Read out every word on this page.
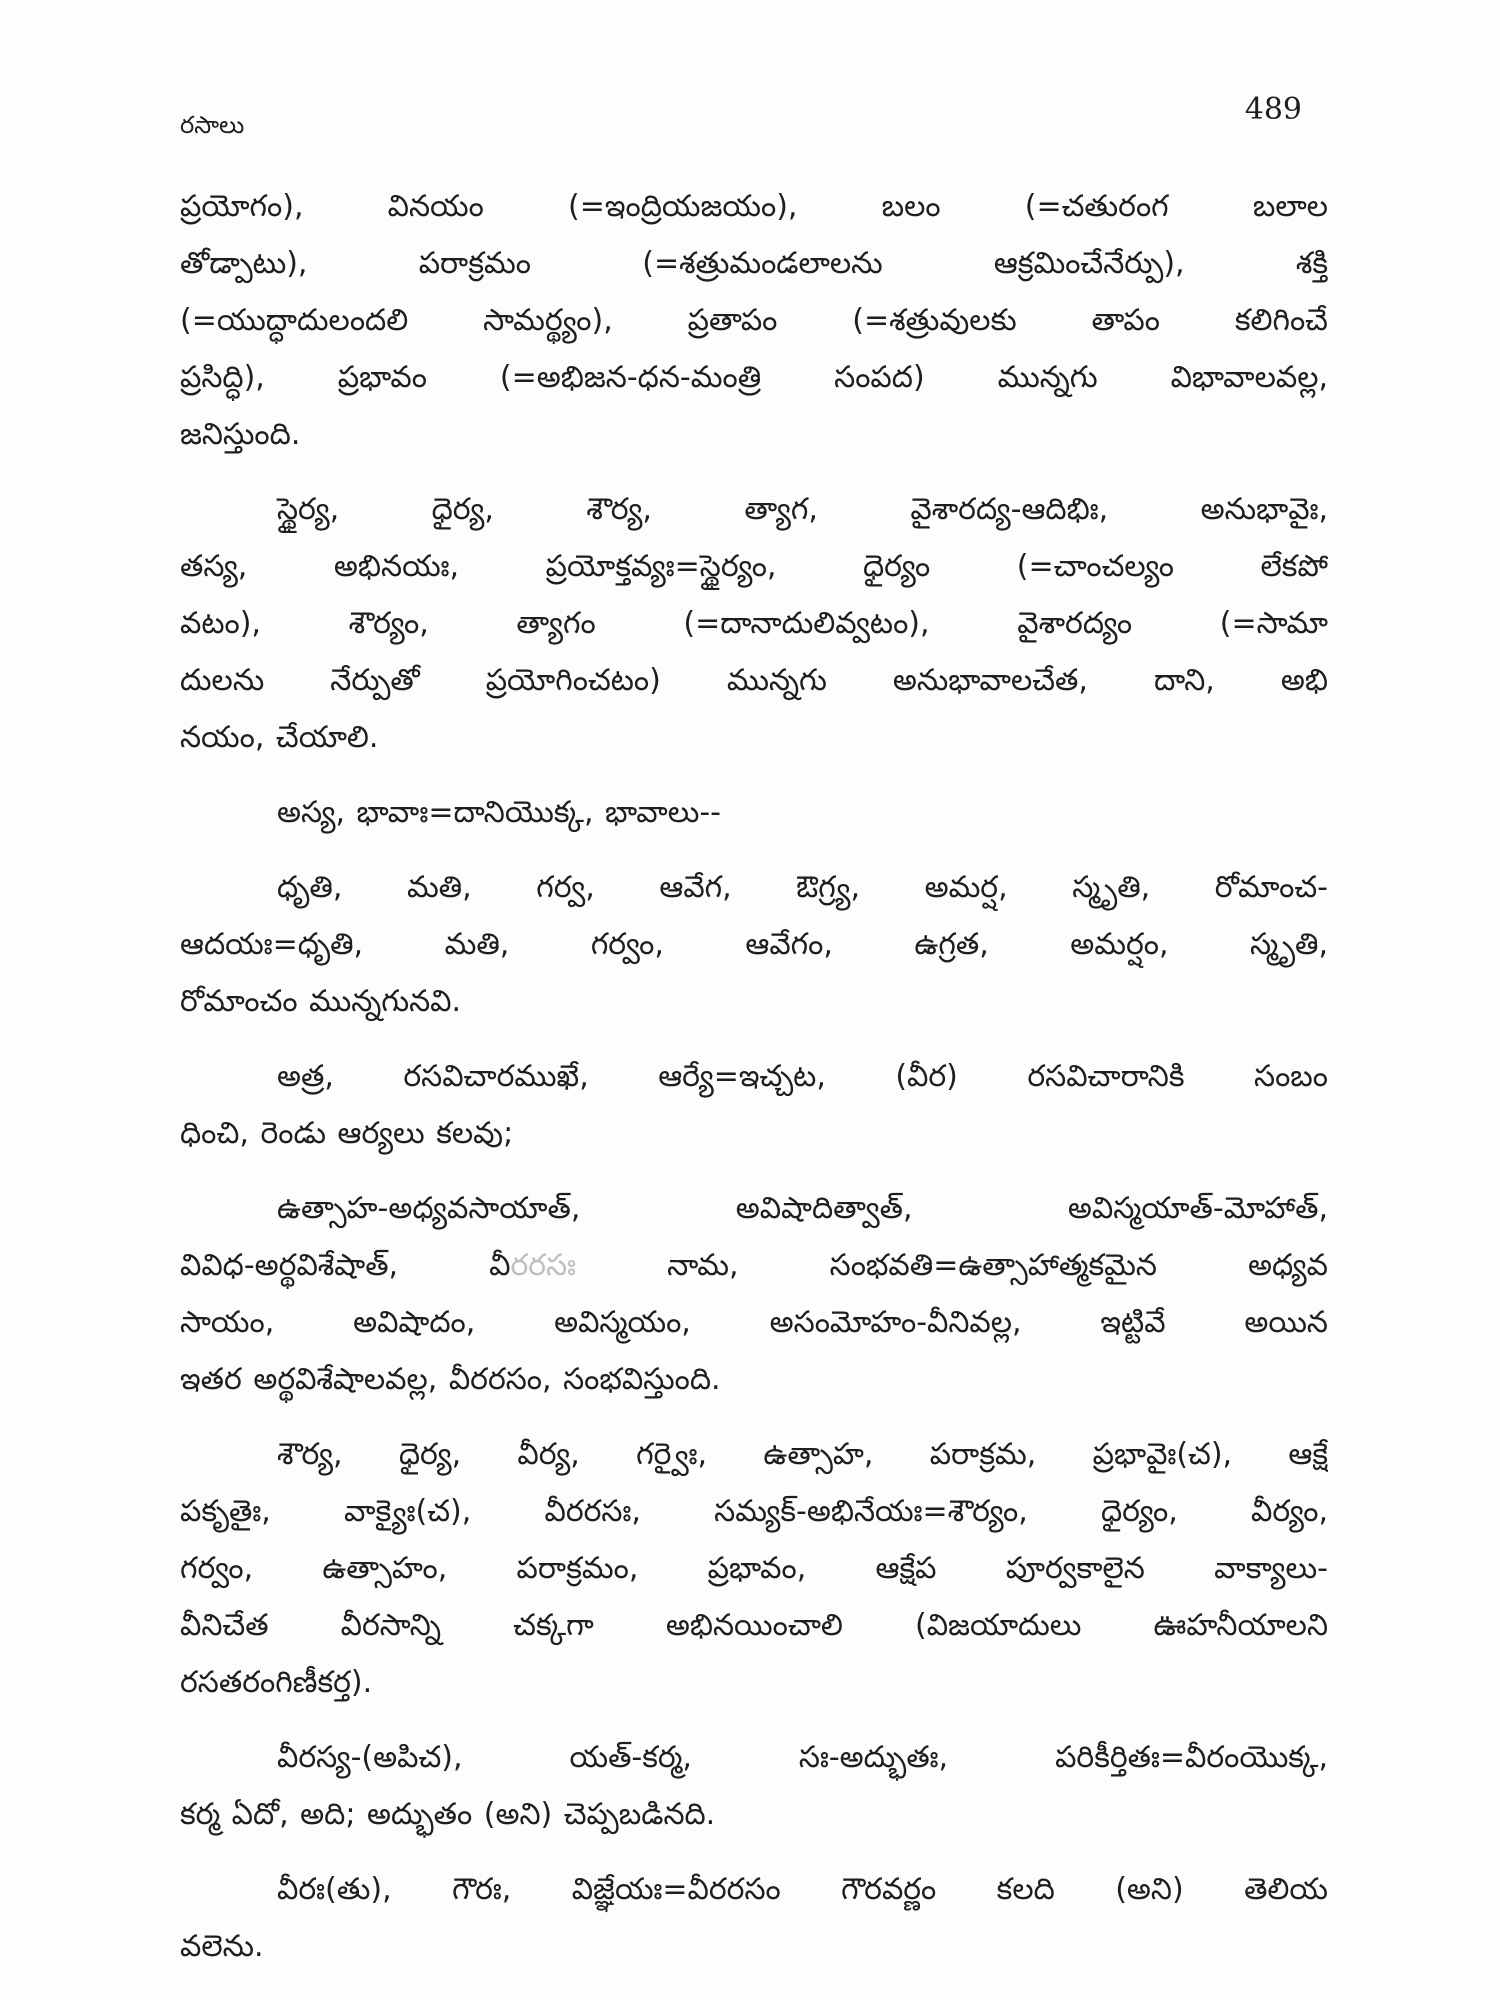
రసాలు	489
ప్రయోగం), వినయం (=ఇంద్రియజయం), బలం (=చతురంగ బలాల
తోడ్పాటు), పరాక్రమం (=శత్రుమండలాలను ఆక్రమించేనేర్పు), శక్తి
(=యుద్ధాదులందలి సామర్థ్యం), ప్రతాపం (=శత్రువులకు తాపం కలిగించే
ప్రసిద్ధి), ప్రభావం (=అభిజన-ధన-మంత్రి సంపద) మున్నగు విభావాలవల్ల,
జనిస్తుంది.
స్థైర్య, ధైర్య, శౌర్య, త్యాగ, వైశారద్య-ఆదిభిః, అనుభావైః,
తస్య, అభినయః, ప్రయోక్తవ్యః=స్థైర్యం, ధైర్యం (=చాంచల్యం లేకపో
వటం), శౌర్యం, త్యాగం (=దానాదులివ్వటం), వైశారద్యం (=సామా
దులను నేర్పుతో ప్రయోగించటం) మున్నగు అనుభావాలచేత, దాని, అభి
నయం, చేయాలి.
అస్య, భావాః=దానియొక్క, భావాలు--
ధృతి, మతి, గర్వ, ఆవేగ, ఔగ్ర్య, అమర్ష, స్మృతి, రోమాంచ-
ఆదయః=ధృతి, మతి, గర్వం, ఆవేగం, ఉగ్రత, అమర్షం, స్మృతి,
రోమాంచం మున్నగునవి.
అత్ర, రసవిచారముఖే, ఆర్యే=ఇచ్చట, (వీర) రసవిచారానికి సంబం
ధించి, రెండు ఆర్యలు కలవు;
ఉత్సాహ-అధ్యవసాయాత్, అవిషాదిత్వాత్, అవిస్మయాత్-మోహాత్,
వివిధ-అర్థవిశేషాత్, వీరరసః నామ, సంభవతి=ఉత్సాహాత్మకమైన అధ్యవ
సాయం, అవిషాదం, అవిస్మయం, అసంమోహం-వీనివల్ల, ఇట్టివే అయిన
ఇతర అర్థవిశేషాలవల్ల, వీరరసం, సంభవిస్తుంది.
శౌర్య, ధైర్య, వీర్య, గర్వైః, ఉత్సాహ, పరాక్రమ, ప్రభావైః(చ), ఆక్షే
పకృతైః, వాక్యైః(చ), వీరరసః, సమ్యక్-అభినేయః=శౌర్యం, ధైర్యం, వీర్యం,
గర్వం, ఉత్సాహం, పరాక్రమం, ప్రభావం, ఆక్షేప పూర్వకాలైన వాక్యాలు-
వీనిచేత వీరసాన్ని చక్కగా అభినయించాలి (విజయాదులు ఊహనీయాలని
రసతరంగిణీకర్త).
వీరస్య-(అపిచ), యత్-కర్మ, సః-అద్భుతః, పరికీర్తితః=వీరంయొక్క,
కర్మ ఏదో, అది; అద్భుతం (అని) చెప్పబడినది.
వీరః(తు), గౌరః, విజ్ఞేయః=వీరరసం గౌరవర్ణం కలది (అని) తెలియ
వలెను.
